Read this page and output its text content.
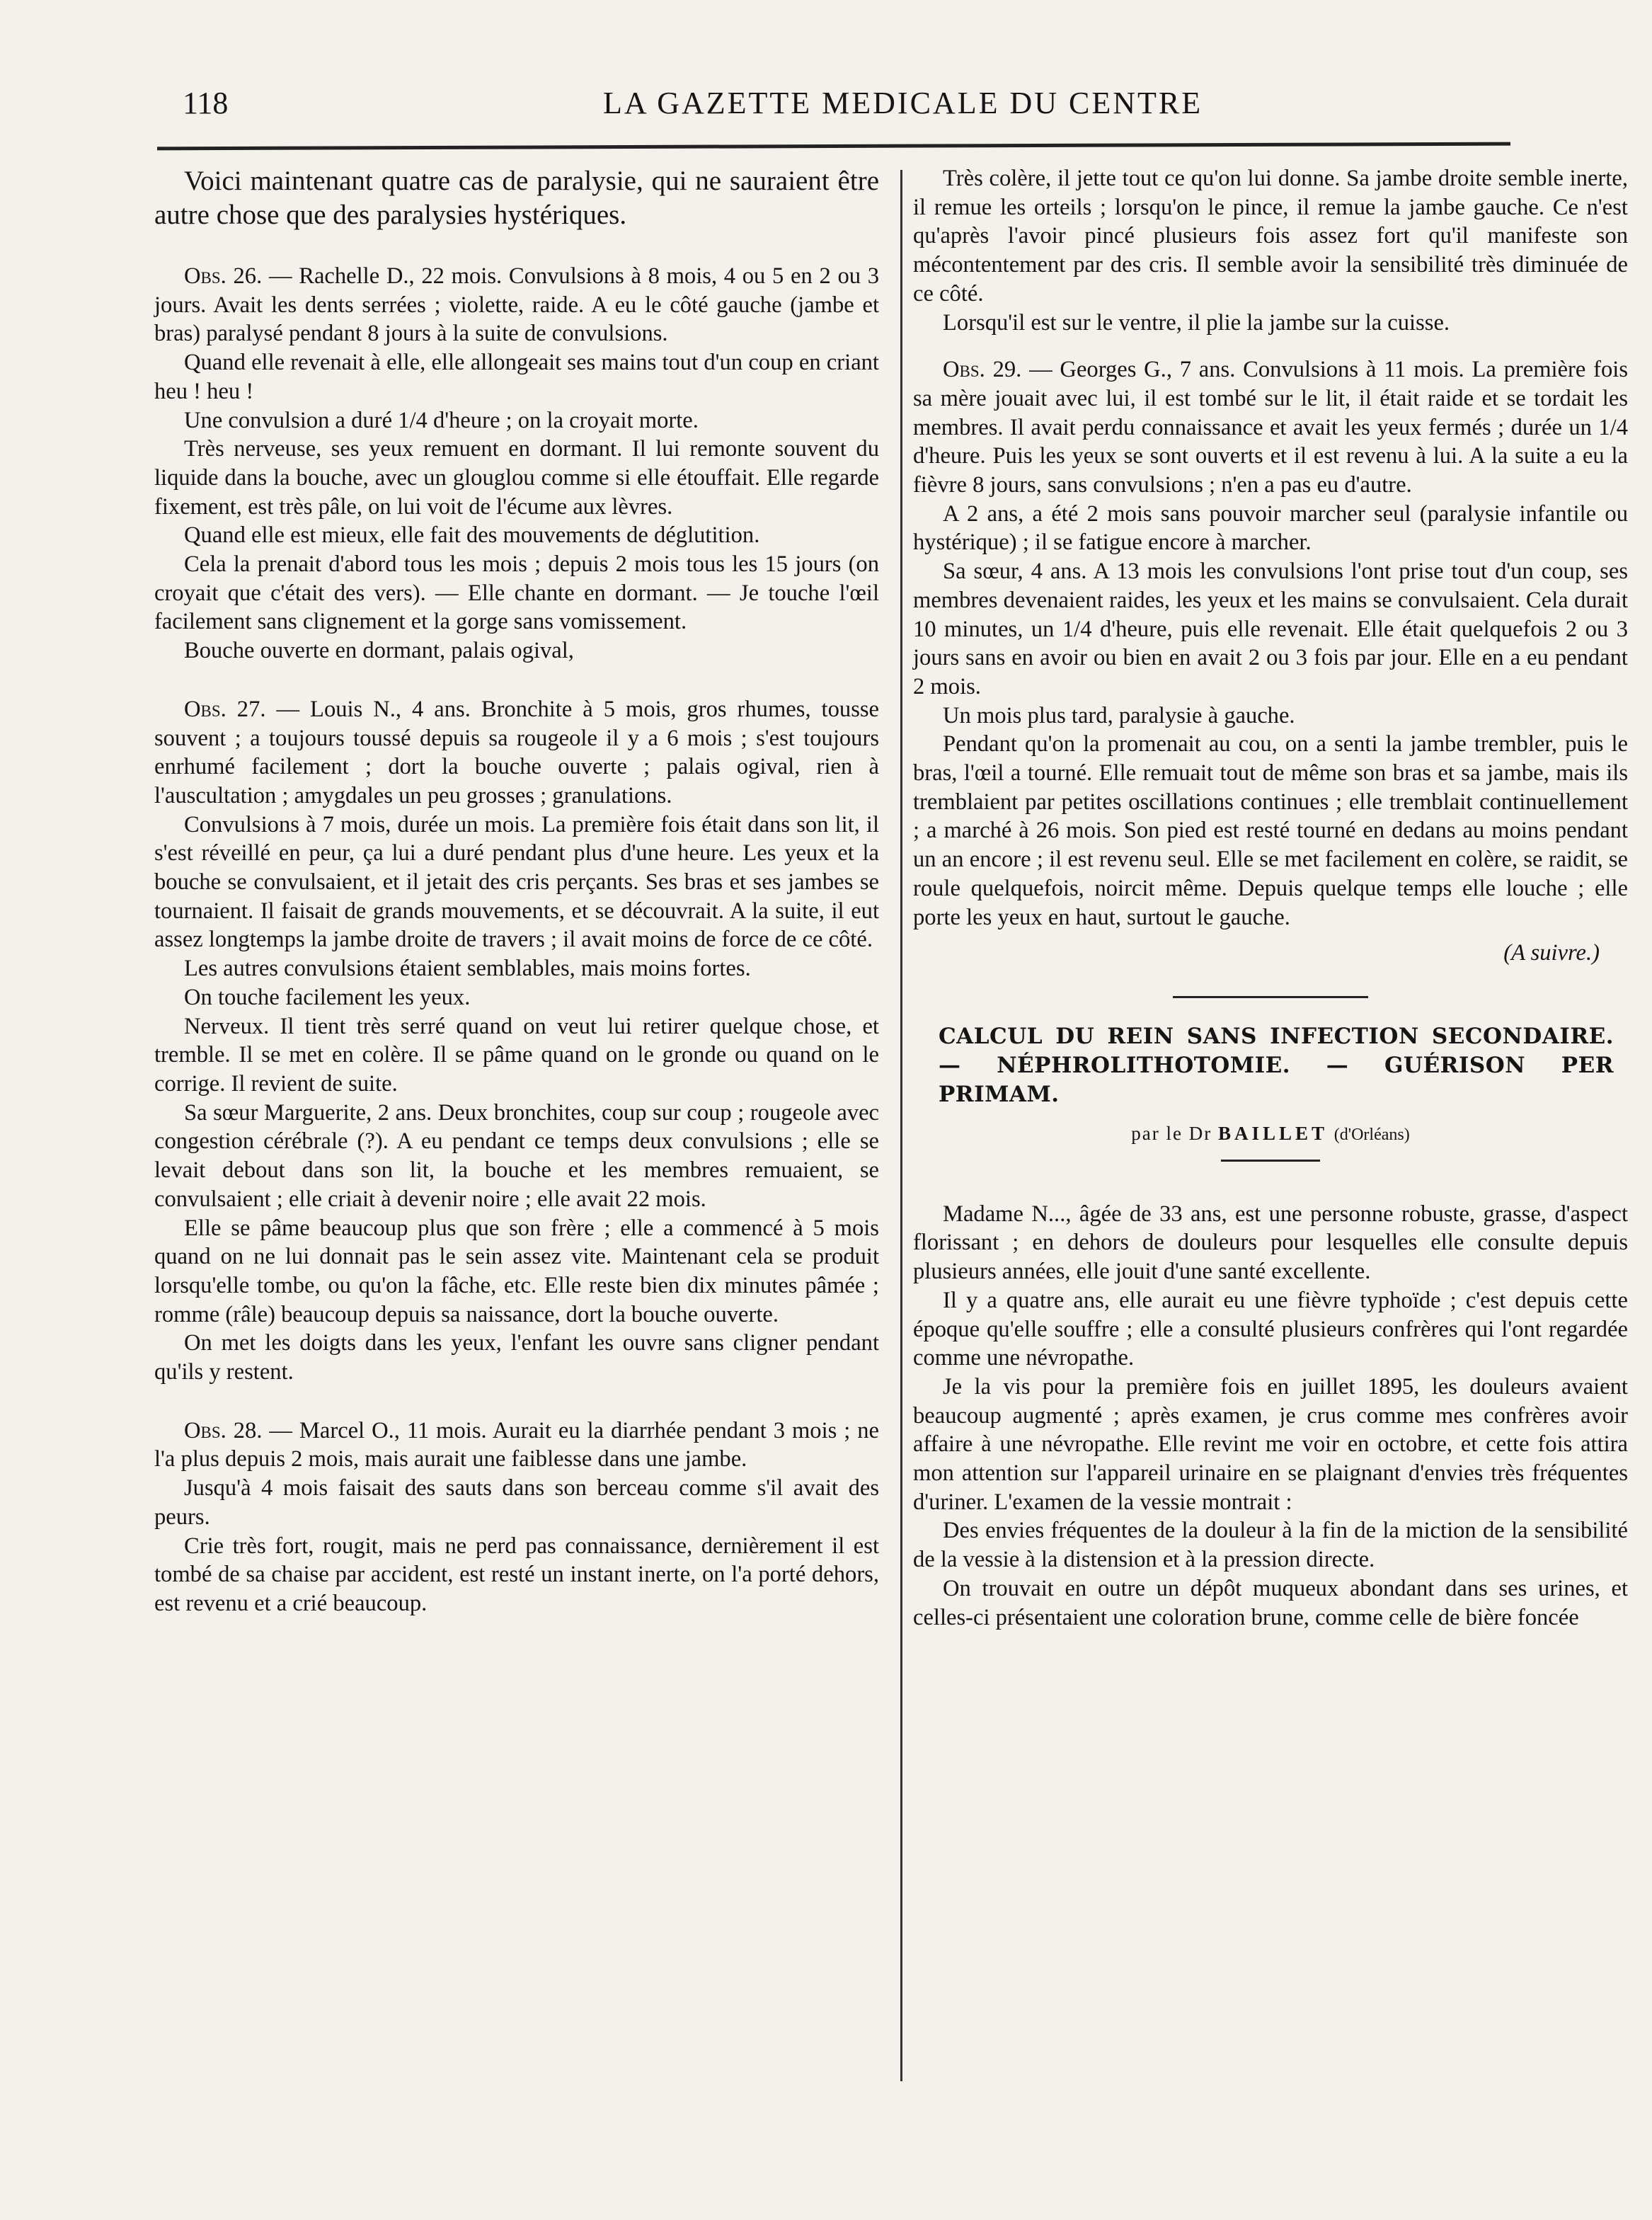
118	LA GAZETTE MEDICALE DU CENTRE

Voici maintenant quatre cas de paralysie, qui ne sauraient être autre chose que des paralysies hystériques.

Obs. 26. — Rachelle D., 22 mois. Convulsions à 8 mois, 4 ou 5 en 2 ou 3 jours. Avait les dents serrées ; violette, raide. A eu le côté gauche (jambe et bras) paralysé pendant 8 jours à la suite de convulsions.

Quand elle revenait à elle, elle allongeait ses mains tout d'un coup en criant heu ! heu !

Une convulsion a duré 1/4 d'heure ; on la croyait morte.

Très nerveuse, ses yeux remuent en dormant. Il lui remonte souvent du liquide dans la bouche, avec un glouglou comme si elle étouffait. Elle regarde fixement, est très pâle, on lui voit de l'écume aux lèvres.

Quand elle est mieux, elle fait des mouvements de déglutition.

Cela la prenait d'abord tous les mois ; depuis 2 mois tous les 15 jours (on croyait que c'était des vers). — Elle chante en dormant. — Je touche l'œil facilement sans clignement et la gorge sans vomissement.

Bouche ouverte en dormant, palais ogival,

Obs. 27. — Louis N., 4 ans. Bronchite à 5 mois, gros rhumes, tousse souvent ; a toujours toussé depuis sa rougeole il y a 6 mois ; s'est toujours enrhumé facilement ; dort la bouche ouverte ; palais ogival, rien à l'auscultation ; amygdales un peu grosses ; granulations.

Convulsions à 7 mois, durée un mois. La première fois était dans son lit, il s'est réveillé en peur, ça lui a duré pendant plus d'une heure. Les yeux et la bouche se convulsaient, et il jetait des cris perçants. Ses bras et ses jambes se tournaient. Il faisait de grands mouvements, et se découvrait. A la suite, il eut assez longtemps la jambe droite de travers ; il avait moins de force de ce côté.

Les autres convulsions étaient semblables, mais moins fortes.

On touche facilement les yeux.

Nerveux. Il tient très serré quand on veut lui retirer quelque chose, et tremble. Il se met en colère. Il se pâme quand on le gronde ou quand on le corrige. Il revient de suite.

Sa sœur Marguerite, 2 ans. Deux bronchites, coup sur coup ; rougeole avec congestion cérébrale (?). A eu pendant ce temps deux convulsions ; elle se levait debout dans son lit, la bouche et les membres remuaient, se convulsaient ; elle criait à devenir noire ; elle avait 22 mois.

Elle se pâme beaucoup plus que son frère ; elle a commencé à 5 mois quand on ne lui donnait pas le sein assez vite. Maintenant cela se produit lorsqu'elle tombe, ou qu'on la fâche, etc. Elle reste bien dix minutes pâmée ; romme (râle) beaucoup depuis sa naissance, dort la bouche ouverte.

On met les doigts dans les yeux, l'enfant les ouvre sans cligner pendant qu'ils y restent.

Obs. 28. — Marcel O., 11 mois. Aurait eu la diarrhée pendant 3 mois ; ne l'a plus depuis 2 mois, mais aurait une faiblesse dans une jambe.

Jusqu'à 4 mois faisait des sauts dans son berceau comme s'il avait des peurs.

Crie très fort, rougit, mais ne perd pas connaissance, dernièrement il est tombé de sa chaise par accident, est resté un instant inerte, on l'a porté dehors, est revenu et a crié beaucoup.

Très colère, il jette tout ce qu'on lui donne. Sa jambe droite semble inerte, il remue les orteils ; lorsqu'on le pince, il remue la jambe gauche. Ce n'est qu'après l'avoir pincé plusieurs fois assez fort qu'il manifeste son mécontentement par des cris. Il semble avoir la sensibilité très diminuée de ce côté.

Lorsqu'il est sur le ventre, il plie la jambe sur la cuisse.

Obs. 29. — Georges G., 7 ans. Convulsions à 11 mois. La première fois sa mère jouait avec lui, il est tombé sur le lit, il était raide et se tordait les membres. Il avait perdu connaissance et avait les yeux fermés ; durée un 1/4 d'heure. Puis les yeux se sont ouverts et il est revenu à lui. A la suite a eu la fièvre 8 jours, sans convulsions ; n'en a pas eu d'autre.

A 2 ans, a été 2 mois sans pouvoir marcher seul (paralysie infantile ou hystérique) ; il se fatigue encore à marcher.

Sa sœur, 4 ans. A 13 mois les convulsions l'ont prise tout d'un coup, ses membres devenaient raides, les yeux et les mains se convulsaient. Cela durait 10 minutes, un 1/4 d'heure, puis elle revenait. Elle était quelquefois 2 ou 3 jours sans en avoir ou bien en avait 2 ou 3 fois par jour. Elle en a eu pendant 2 mois.

Un mois plus tard, paralysie à gauche.

Pendant qu'on la promenait au cou, on a senti la jambe trembler, puis le bras, l'œil a tourné. Elle remuait tout de même son bras et sa jambe, mais ils tremblaient par petites oscillations continues ; elle tremblait continuellement ; a marché à 26 mois. Son pied est resté tourné en dedans au moins pendant un an encore ; il est revenu seul. Elle se met facilement en colère, se raidit, se roule quelquefois, noircit même. Depuis quelque temps elle louche ; elle porte les yeux en haut, surtout le gauche.

(A suivre.)

CALCUL DU REIN SANS INFECTION SECONDAIRE. — NÉPHROLITHOTOMIE. — GUÉRISON PER PRIMAM.
par le Dr BAILLET (d'Orléans)

Madame N..., âgée de 33 ans, est une personne robuste, grasse, d'aspect florissant ; en dehors de douleurs pour lesquelles elle consulte depuis plusieurs années, elle jouit d'une santé excellente.

Il y a quatre ans, elle aurait eu une fièvre typhoïde ; c'est depuis cette époque qu'elle souffre ; elle a consulté plusieurs confrères qui l'ont regardée comme une névropathe.

Je la vis pour la première fois en juillet 1895, les douleurs avaient beaucoup augmenté ; après examen, je crus comme mes confrères avoir affaire à une névropathe. Elle revint me voir en octobre, et cette fois attira mon attention sur l'appareil urinaire en se plaignant d'envies très fréquentes d'uriner. L'examen de la vessie montrait :

Des envies fréquentes de la douleur à la fin de la miction de la sensibilité de la vessie à la distension et à la pression directe.

On trouvait en outre un dépôt muqueux abondant dans ses urines, et celles-ci présentaient une coloration brune, comme celle de bière foncée
